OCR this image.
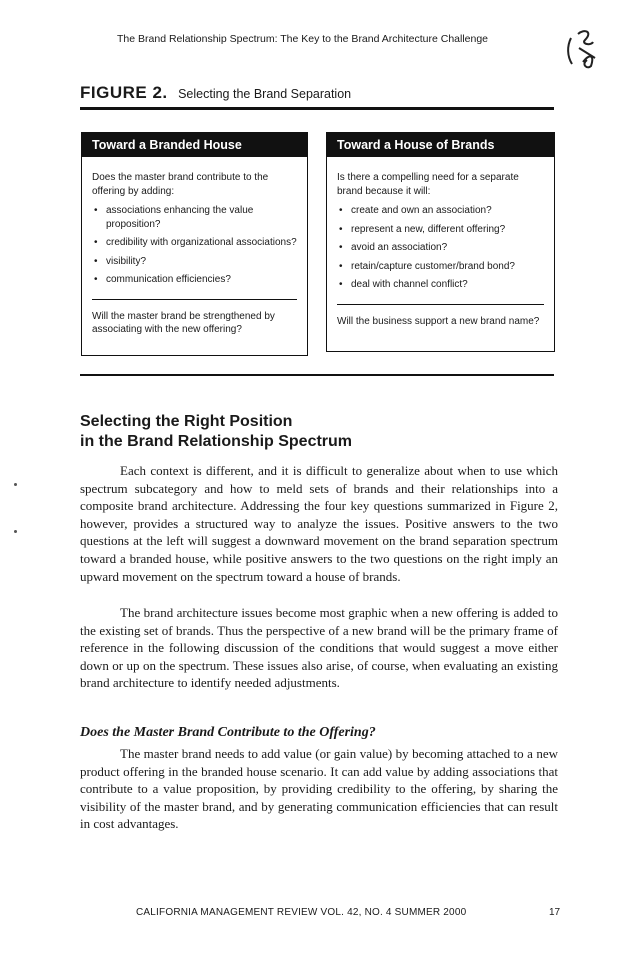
The Brand Relationship Spectrum: The Key to the Brand Architecture Challenge
FIGURE 2. Selecting the Brand Separation
Toward a Branded House
Does the master brand contribute to the offering by adding:
• associations enhancing the value proposition?
• credibility with organizational associations?
• visibility?
• communication efficiencies?
Will the master brand be strengthened by associating with the new offering?
Toward a House of Brands
Is there a compelling need for a separate brand because it will:
• create and own an association?
• represent a new, different offering?
• avoid an association?
• retain/capture customer/brand bond?
• deal with channel conflict?
Will the business support a new brand name?
Selecting the Right Position
in the Brand Relationship Spectrum

Each context is different, and it is difficult to generalize about when to use which spectrum subcategory and how to meld sets of brands and their relationships into a composite brand architecture. Addressing the four key questions summarized in Figure 2, however, provides a structured way to analyze the issues. Positive answers to the two questions at the left will suggest a downward movement on the brand separation spectrum toward a branded house, while positive answers to the two questions on the right imply an upward movement on the spectrum toward a house of brands.

The brand architecture issues become most graphic when a new offering is added to the existing set of brands. Thus the perspective of a new brand will be the primary frame of reference in the following discussion of the conditions that would suggest a move either down or up on the spectrum. These issues also arise, of course, when evaluating an existing brand architecture to identify needed adjustments.

Does the Master Brand Contribute to the Offering?

The master brand needs to add value (or gain value) by becoming attached to a new product offering in the branded house scenario. It can add value by adding associations that contribute to a value proposition, by providing credibility to the offering, by sharing the visibility of the master brand, and by generating communication efficiencies that can result in cost advantages.

CALIFORNIA MANAGEMENT REVIEW VOL. 42, NO. 4 SUMMER 2000	17
